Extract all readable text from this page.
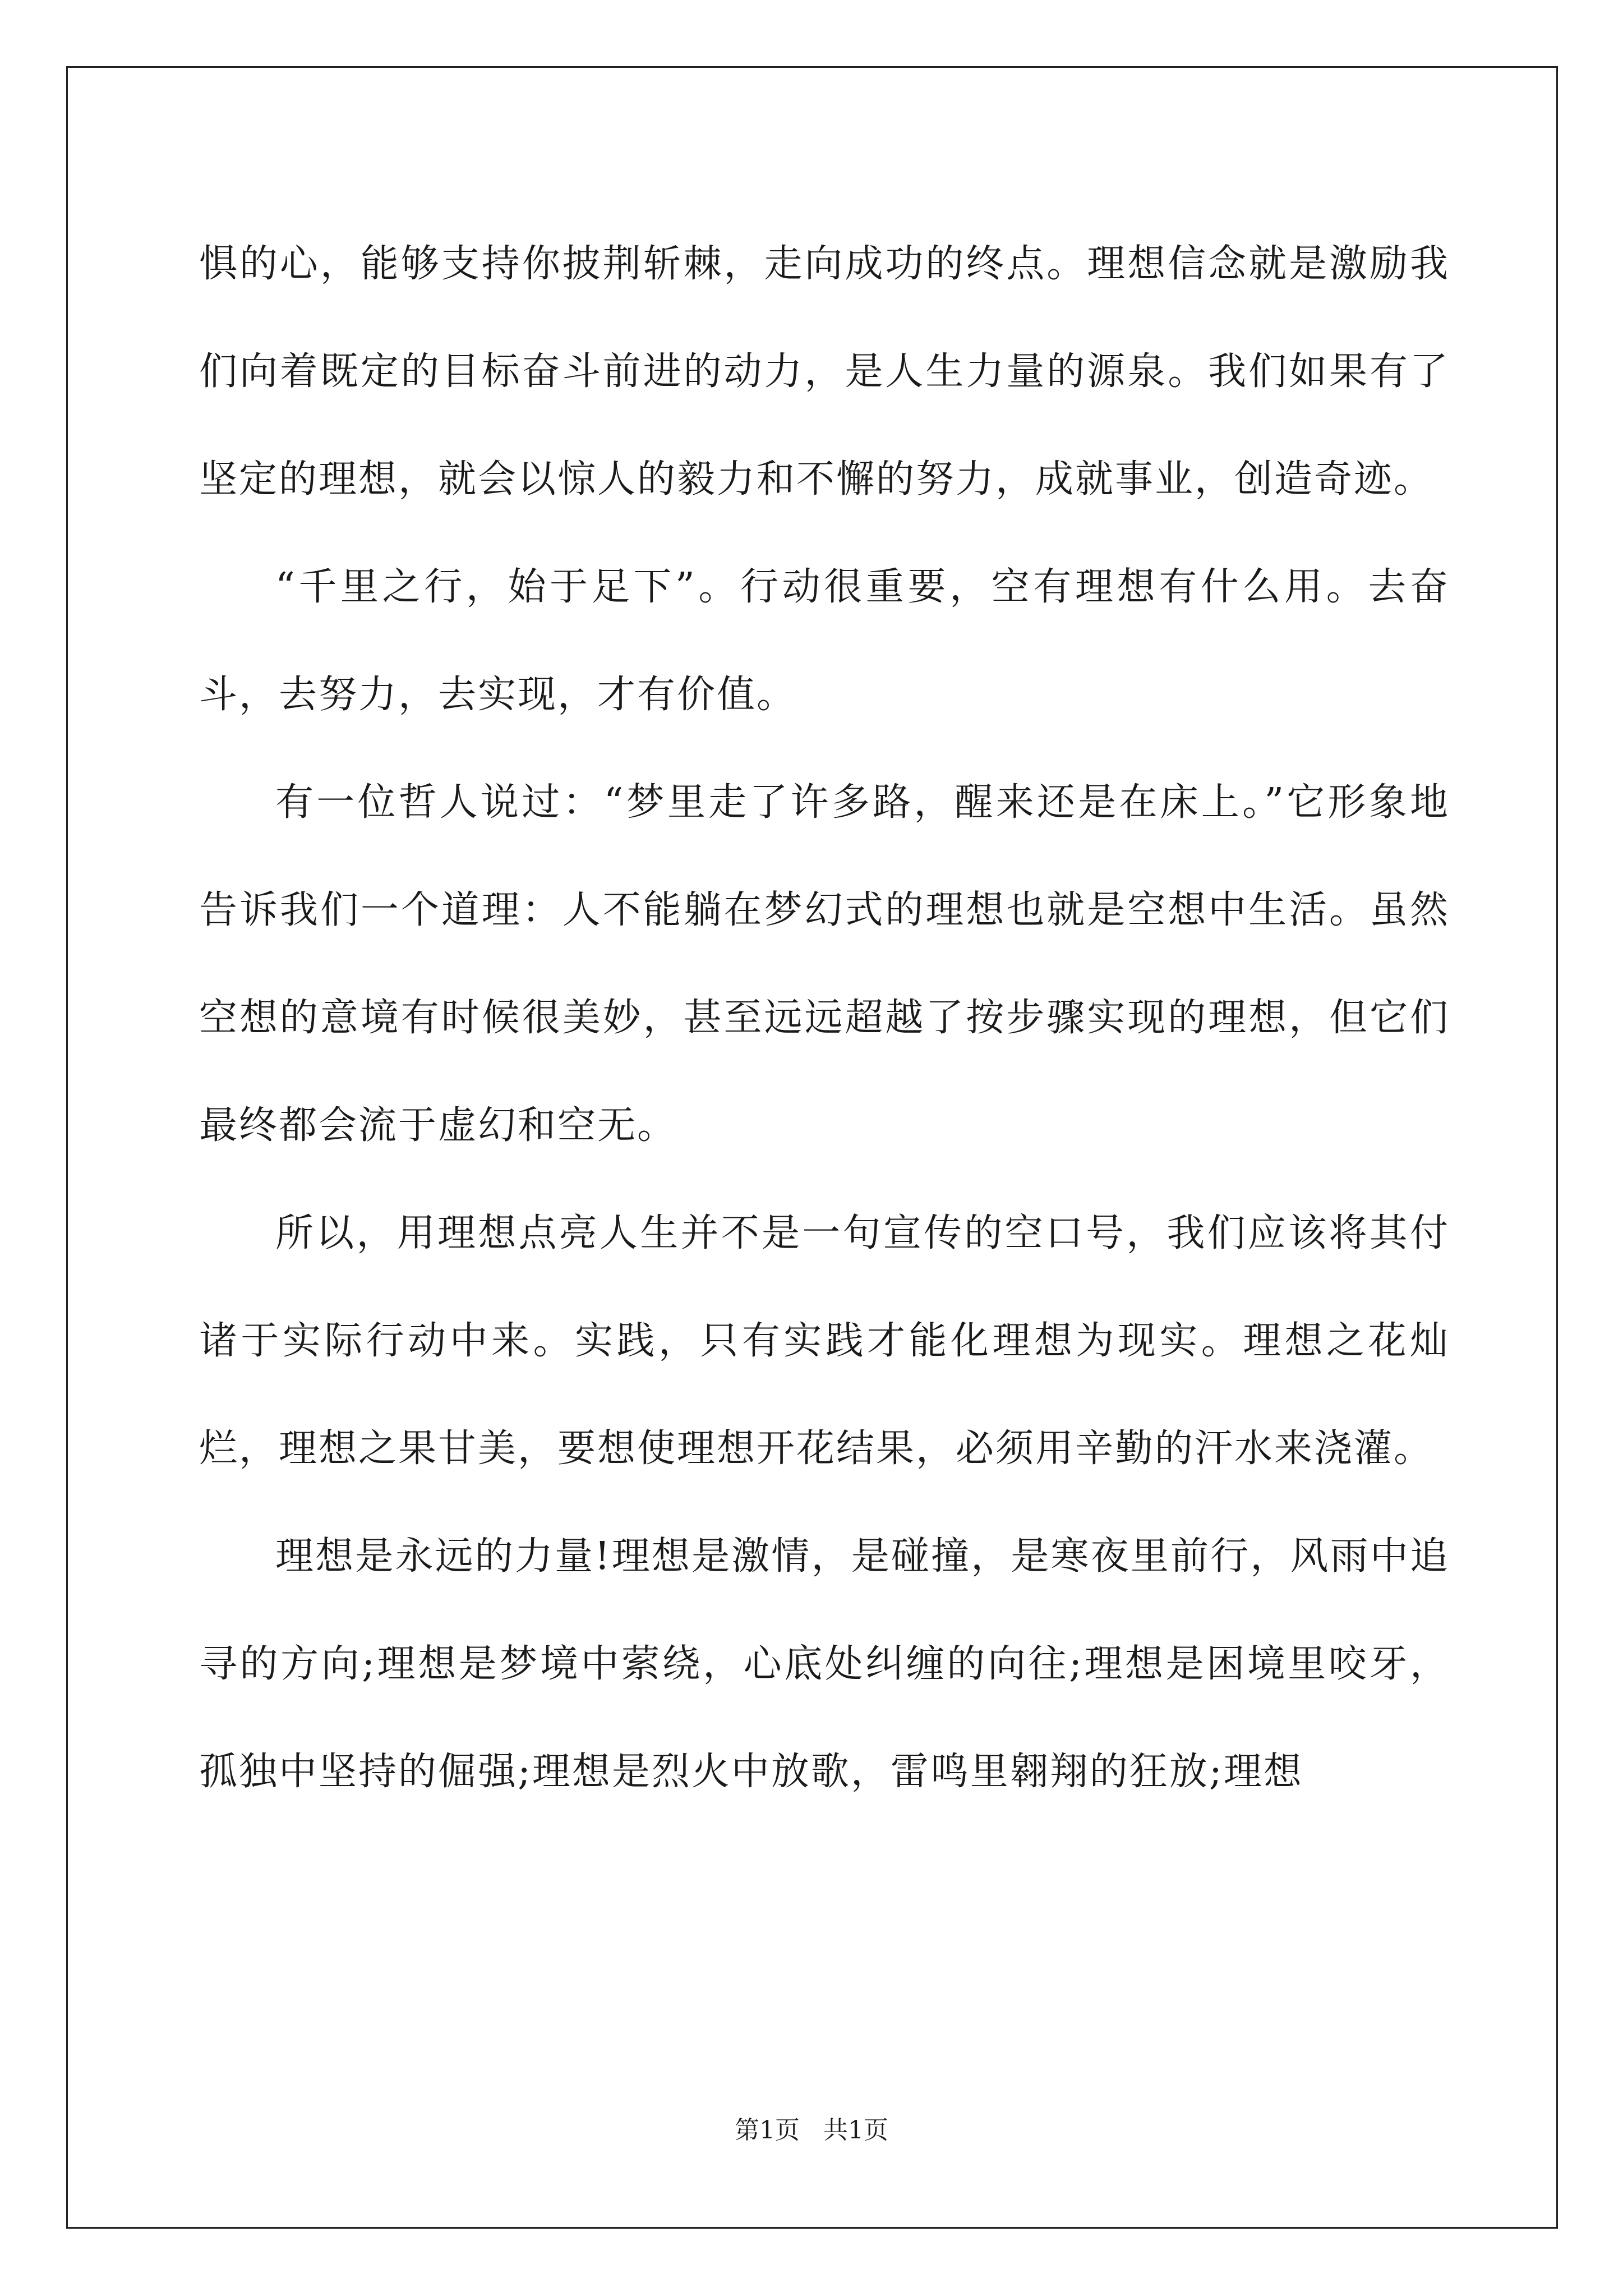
惧的心，能够支持你披荆斩棘，走向成功的终点。理想信念就是激励我们向着既定的目标奋斗前进的动力，是人生力量的源泉。我们如果有了坚定的理想，就会以惊人的毅力和不懈的努力，成就事业，创造奇迹。

“千里之行，始于足下”。行动很重要，空有理想有什么用。去奋斗，去努力，去实现，才有价值。

有一位哲人说过：“梦里走了许多路，醒来还是在床上。”它形象地告诉我们一个道理：人不能躺在梦幻式的理想也就是空想中生活。虽然空想的意境有时候很美妙，甚至远远超越了按步骤实现的理想，但它们最终都会流于虚幻和空无。

所以，用理想点亮人生并不是一句宣传的空口号，我们应该将其付诸于实际行动中来。实践，只有实践才能化理想为现实。理想之花灿烂，理想之果甘美，要想使理想开花结果，必须用辛勤的汗水来浇灌。

理想是永远的力量!理想是激情，是碰撞，是寒夜里前行，风雨中追寻的方向;理想是梦境中萦绕，心底处纠缠的向往;理想是困境里咬牙，孤独中坚持的倔强;理想是烈火中放歌，雷鸣里翱翔的狂放;理想

第1页 共1页
